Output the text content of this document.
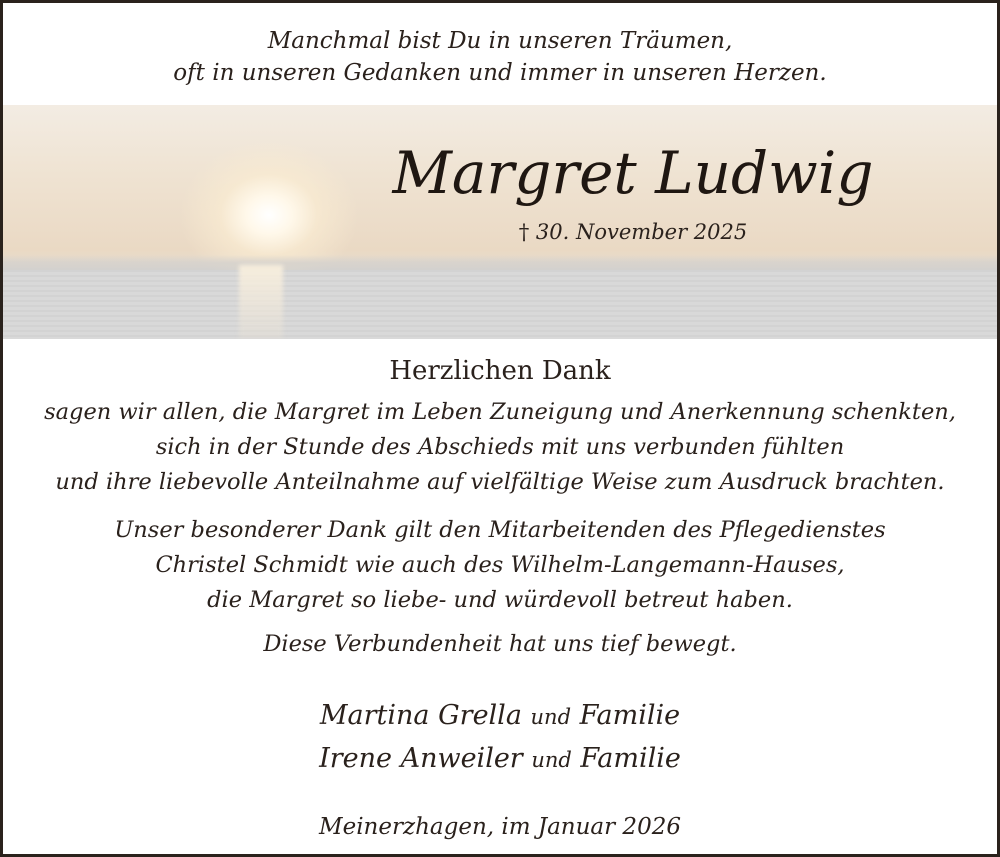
Manchmal bist Du in unseren Träumen,
oft in unseren Gedanken und immer in unseren Herzen.
Margret Ludwig
† 30. November 2025
Herzlichen Dank
sagen wir allen, die Margret im Leben Zuneigung und Anerkennung schenkten,
sich in der Stunde des Abschieds mit uns verbunden fühlten
und ihre liebevolle Anteilnahme auf vielfältige Weise zum Ausdruck brachten.
Unser besonderer Dank gilt den Mitarbeitenden des Pflegedienstes
Christel Schmidt wie auch des Wilhelm-Langemann-Hauses,
die Margret so liebe- und würdevoll betreut haben.
Diese Verbundenheit hat uns tief bewegt.
Martina Grella und Familie
Irene Anweiler und Familie
Meinerzhagen, im Januar 2026
